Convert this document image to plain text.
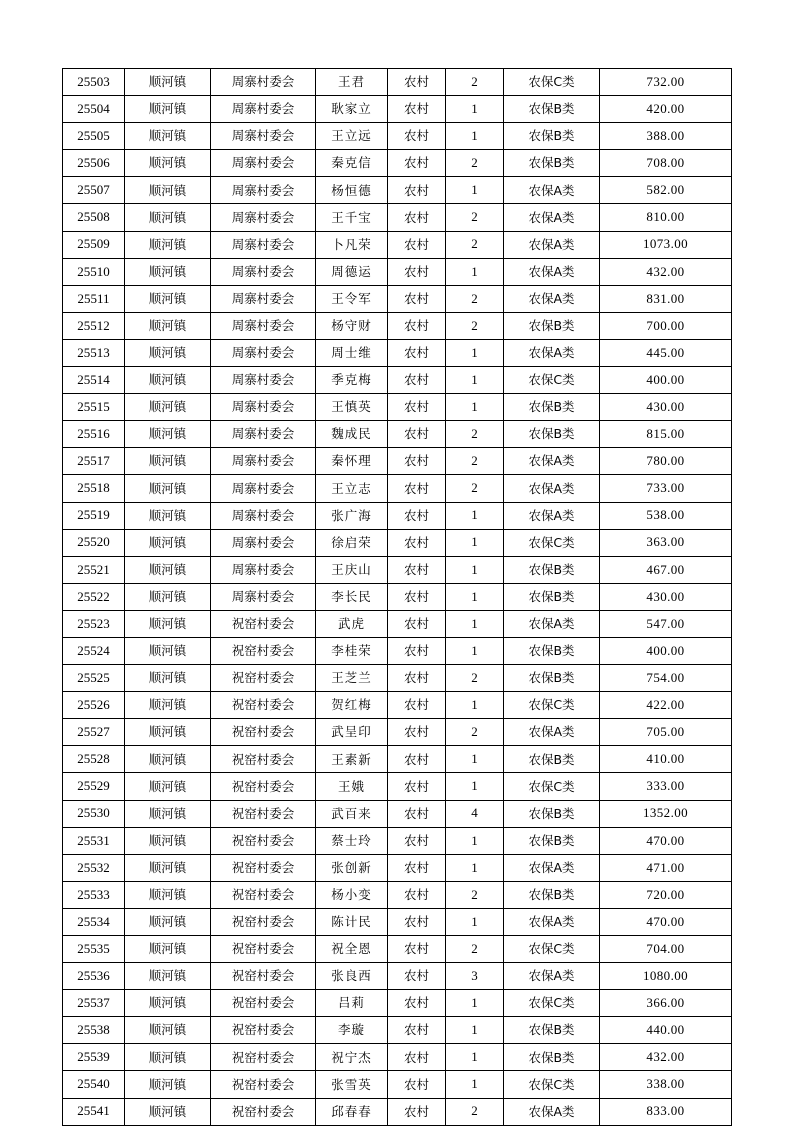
25503	顺河镇	周寨村委会	王君	农村	2	农保C类	732.00
25504	顺河镇	周寨村委会	耿家立	农村	1	农保B类	420.00
25505	顺河镇	周寨村委会	王立远	农村	1	农保B类	388.00
25506	顺河镇	周寨村委会	秦克信	农村	2	农保B类	708.00
25507	顺河镇	周寨村委会	杨恒德	农村	1	农保A类	582.00
25508	顺河镇	周寨村委会	王千宝	农村	2	农保A类	810.00
25509	顺河镇	周寨村委会	卜凡荣	农村	2	农保A类	1073.00
25510	顺河镇	周寨村委会	周德运	农村	1	农保A类	432.00
25511	顺河镇	周寨村委会	王令军	农村	2	农保A类	831.00
25512	顺河镇	周寨村委会	杨守财	农村	2	农保B类	700.00
25513	顺河镇	周寨村委会	周士维	农村	1	农保A类	445.00
25514	顺河镇	周寨村委会	季克梅	农村	1	农保C类	400.00
25515	顺河镇	周寨村委会	王慎英	农村	1	农保B类	430.00
25516	顺河镇	周寨村委会	魏成民	农村	2	农保B类	815.00
25517	顺河镇	周寨村委会	秦怀理	农村	2	农保A类	780.00
25518	顺河镇	周寨村委会	王立志	农村	2	农保A类	733.00
25519	顺河镇	周寨村委会	张广海	农村	1	农保A类	538.00
25520	顺河镇	周寨村委会	徐启荣	农村	1	农保C类	363.00
25521	顺河镇	周寨村委会	王庆山	农村	1	农保B类	467.00
25522	顺河镇	周寨村委会	李长民	农村	1	农保B类	430.00
25523	顺河镇	祝窑村委会	武虎	农村	1	农保A类	547.00
25524	顺河镇	祝窑村委会	李桂荣	农村	1	农保B类	400.00
25525	顺河镇	祝窑村委会	王芝兰	农村	2	农保B类	754.00
25526	顺河镇	祝窑村委会	贺红梅	农村	1	农保C类	422.00
25527	顺河镇	祝窑村委会	武呈印	农村	2	农保A类	705.00
25528	顺河镇	祝窑村委会	王素新	农村	1	农保B类	410.00
25529	顺河镇	祝窑村委会	王娥	农村	1	农保C类	333.00
25530	顺河镇	祝窑村委会	武百来	农村	4	农保B类	1352.00
25531	顺河镇	祝窑村委会	蔡士玲	农村	1	农保B类	470.00
25532	顺河镇	祝窑村委会	张创新	农村	1	农保A类	471.00
25533	顺河镇	祝窑村委会	杨小变	农村	2	农保B类	720.00
25534	顺河镇	祝窑村委会	陈计民	农村	1	农保A类	470.00
25535	顺河镇	祝窑村委会	祝全恩	农村	2	农保C类	704.00
25536	顺河镇	祝窑村委会	张良西	农村	3	农保A类	1080.00
25537	顺河镇	祝窑村委会	吕莉	农村	1	农保C类	366.00
25538	顺河镇	祝窑村委会	李璇	农村	1	农保B类	440.00
25539	顺河镇	祝窑村委会	祝宁杰	农村	1	农保B类	432.00
25540	顺河镇	祝窑村委会	张雪英	农村	1	农保C类	338.00
25541	顺河镇	祝窑村委会	邱春春	农村	2	农保A类	833.00
